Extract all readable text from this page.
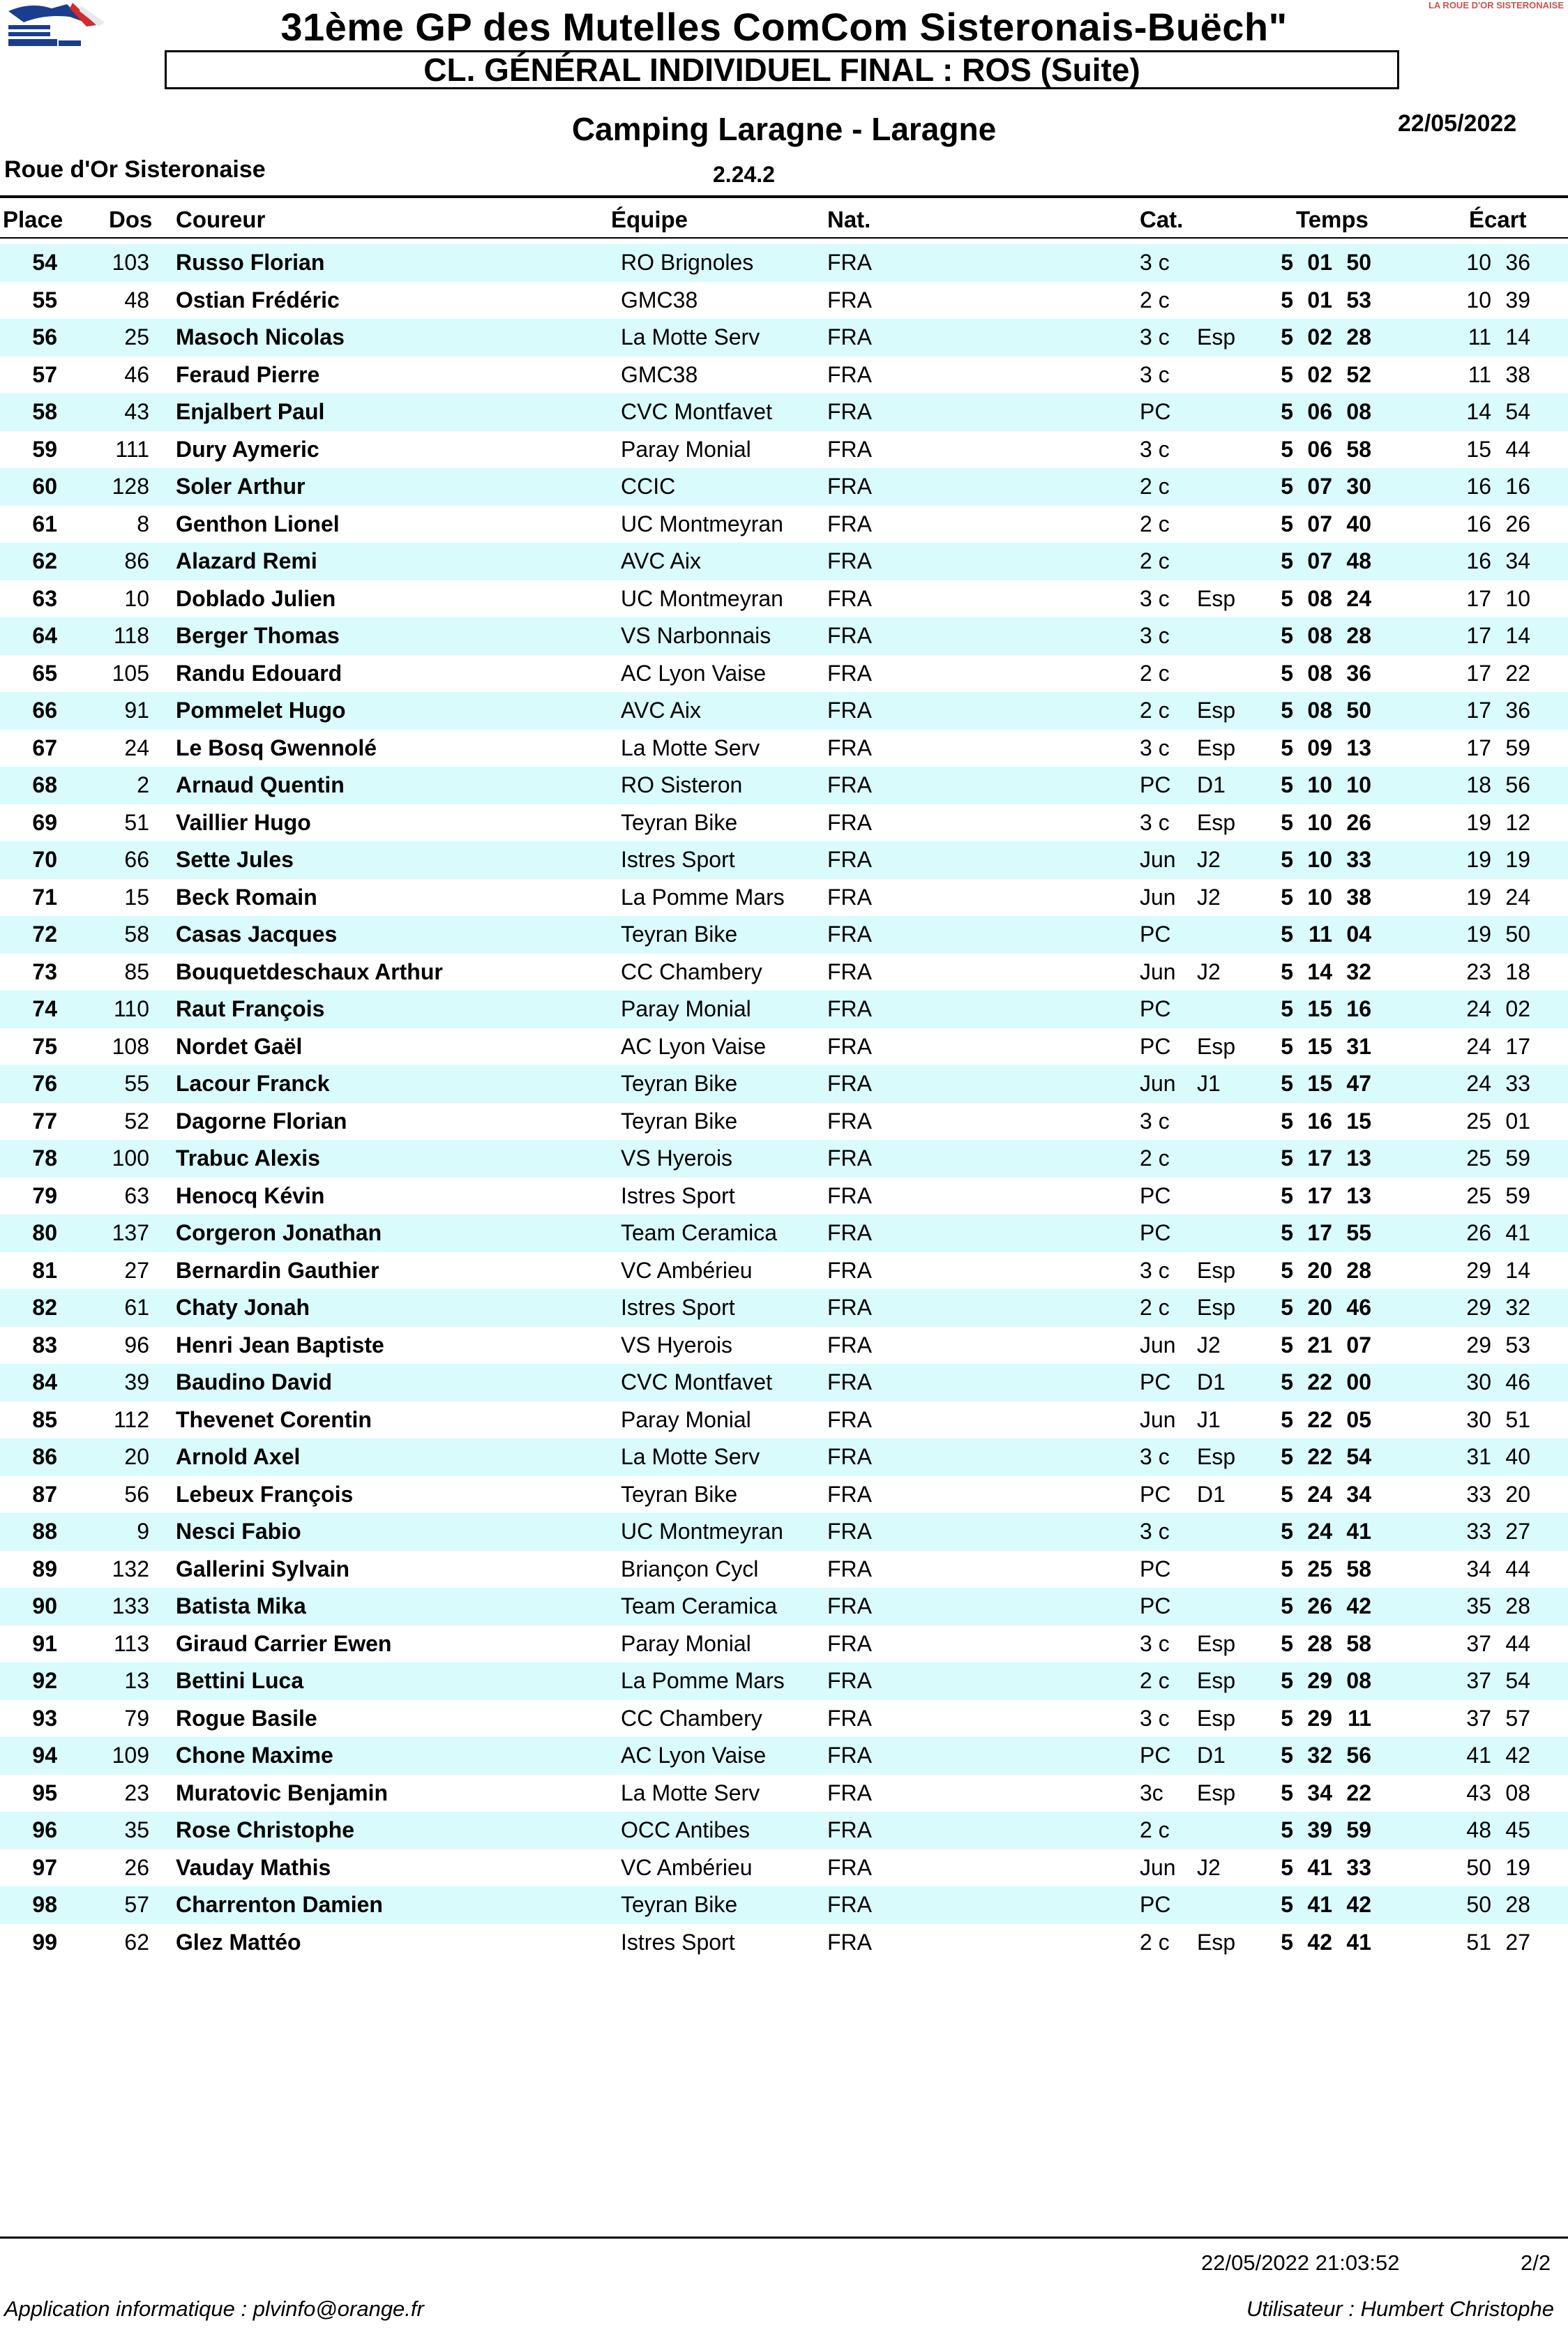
LA ROUE D'OR SISTERONAISE
31ème GP des Mutelles ComCom Sisteronais-Buëch"
CL. GÉNÉRAL INDIVIDUEL FINAL : ROS (Suite)
Camping Laragne - Laragne	22/05/2022
Roue d'Or Sisteronaise	2.24.2
Place Dos Coureur	Équipe	Nat.	Cat.	Temps	Écart
54	103 Russo Florian	RO Brignoles	FRA	3 c	5 01 50	10 36
55	48 Ostian Frédéric	GMC38	FRA	2 c	5 01 53	10 39
56	25 Masoch Nicolas	La Motte Serv	FRA	3 c Esp 5 02 28	11 14
57	46 Feraud Pierre	GMC38	FRA	3 c	5 02 52	11 38
58	43 Enjalbert Paul	CVC Montfavet FRA	PC	5 06 08	14 54
59	111 Dury Aymeric	Paray Monial	FRA	3 c	5 06 58	15 44
60	128 Soler Arthur	CCIC	FRA	2 c	5 07 30	16 16
61	8 Genthon Lionel	UC Montmeyran FRA	2 c	5 07 40	16 26
62	86 Alazard Remi	AVC Aix	FRA	2 c	5 07 48	16 34
63	10 Doblado Julien	UC Montmeyran FRA	3 c Esp 5 08 24	17 10
64	118 Berger Thomas	VS Narbonnais	FRA	3 c	5 08 28	17 14
65	105 Randu Edouard	AC Lyon Vaise	FRA	2 c	5 08 36	17 22
66	91 Pommelet Hugo	AVC Aix	FRA	2 c Esp 5 08 50	17 36
67	24 Le Bosq Gwennolé	La Motte Serv	FRA	3 c Esp 5 09 13	17 59
68	2 Arnaud Quentin	RO Sisteron	FRA	PC D1 5 10 10	18 56
69	51 Vaillier Hugo	Teyran Bike	FRA	3 c Esp 5 10 26	19 12
70	66 Sette Jules	Istres Sport	FRA	Jun J2	5 10 33	19 19
71	15 Beck Romain	La Pomme Mars FRA	Jun J2	5 10 38	19 24
72	58 Casas Jacques	Teyran Bike	FRA	PC	5 11 04	19 50
73	85 Bouquetdeschaux Arthur	CC Chambery	FRA	Jun J2	5 14 32	23 18
74	110 Raut François	Paray Monial	FRA	PC	5 15 16	24 02
75	108 Nordet Gaël	AC Lyon Vaise	FRA	PC Esp 5 15 31	24 17
76	55 Lacour Franck	Teyran Bike	FRA	Jun J1	5 15 47	24 33
77	52 Dagorne Florian	Teyran Bike	FRA	3 c	5 16 15	25 01
78	100 Trabuc Alexis	VS Hyerois	FRA	2 c	5 17 13	25 59
79	63 Henocq Kévin	Istres Sport	FRA	PC	5 17 13	25 59
80	137 Corgeron Jonathan	Team Ceramica FRA	PC	5 17 55	26 41
81	27 Bernardin Gauthier	VC Ambérieu	FRA	3 c Esp 5 20 28	29 14
82	61 Chaty Jonah	Istres Sport	FRA	2 c Esp 5 20 46	29 32
83	96 Henri Jean Baptiste	VS Hyerois	FRA	Jun J2	5 21 07	29 53
84	39 Baudino David	CVC Montfavet FRA	PC D1 5 22 00	30 46
85	112 Thevenet Corentin	Paray Monial	FRA	Jun J1	5 22 05	30 51
86	20 Arnold Axel	La Motte Serv	FRA	3 c Esp 5 22 54	31 40
87	56 Lebeux François	Teyran Bike	FRA	PC D1 5 24 34	33 20
88	9 Nesci Fabio	UC Montmeyran FRA	3 c	5 24 41	33 27
89	132 Gallerini Sylvain	Briançon Cycl	FRA	PC	5 25 58	34 44
90	133 Batista Mika	Team Ceramica FRA	PC	5 26 42	35 28
91	113 Giraud Carrier Ewen	Paray Monial	FRA	3 c Esp 5 28 58	37 44
92	13 Bettini Luca	La Pomme Mars FRA	2 c Esp 5 29 08	37 54
93	79 Rogue Basile	CC Chambery	FRA	3 c Esp 5 29 11	37 57
94	109 Chone Maxime	AC Lyon Vaise	FRA	PC D1 5 32 56	41 42
95	23 Muratovic Benjamin	La Motte Serv	FRA	3c Esp 5 34 22	43 08
96	35 Rose Christophe	OCC Antibes	FRA	2 c	5 39 59	48 45
97	26 Vauday Mathis	VC Ambérieu	FRA	Jun J2	5 41 33	50 19
98	57 Charrenton Damien	Teyran Bike	FRA	PC	5 41 42	50 28
99	62 Glez Mattéo	Istres Sport	FRA	2 c Esp 5 42 41	51 27
22/05/2022 21:03:52	2/2
Application informatique : plvinfo@orange.fr	Utilisateur : Humbert Christophe
